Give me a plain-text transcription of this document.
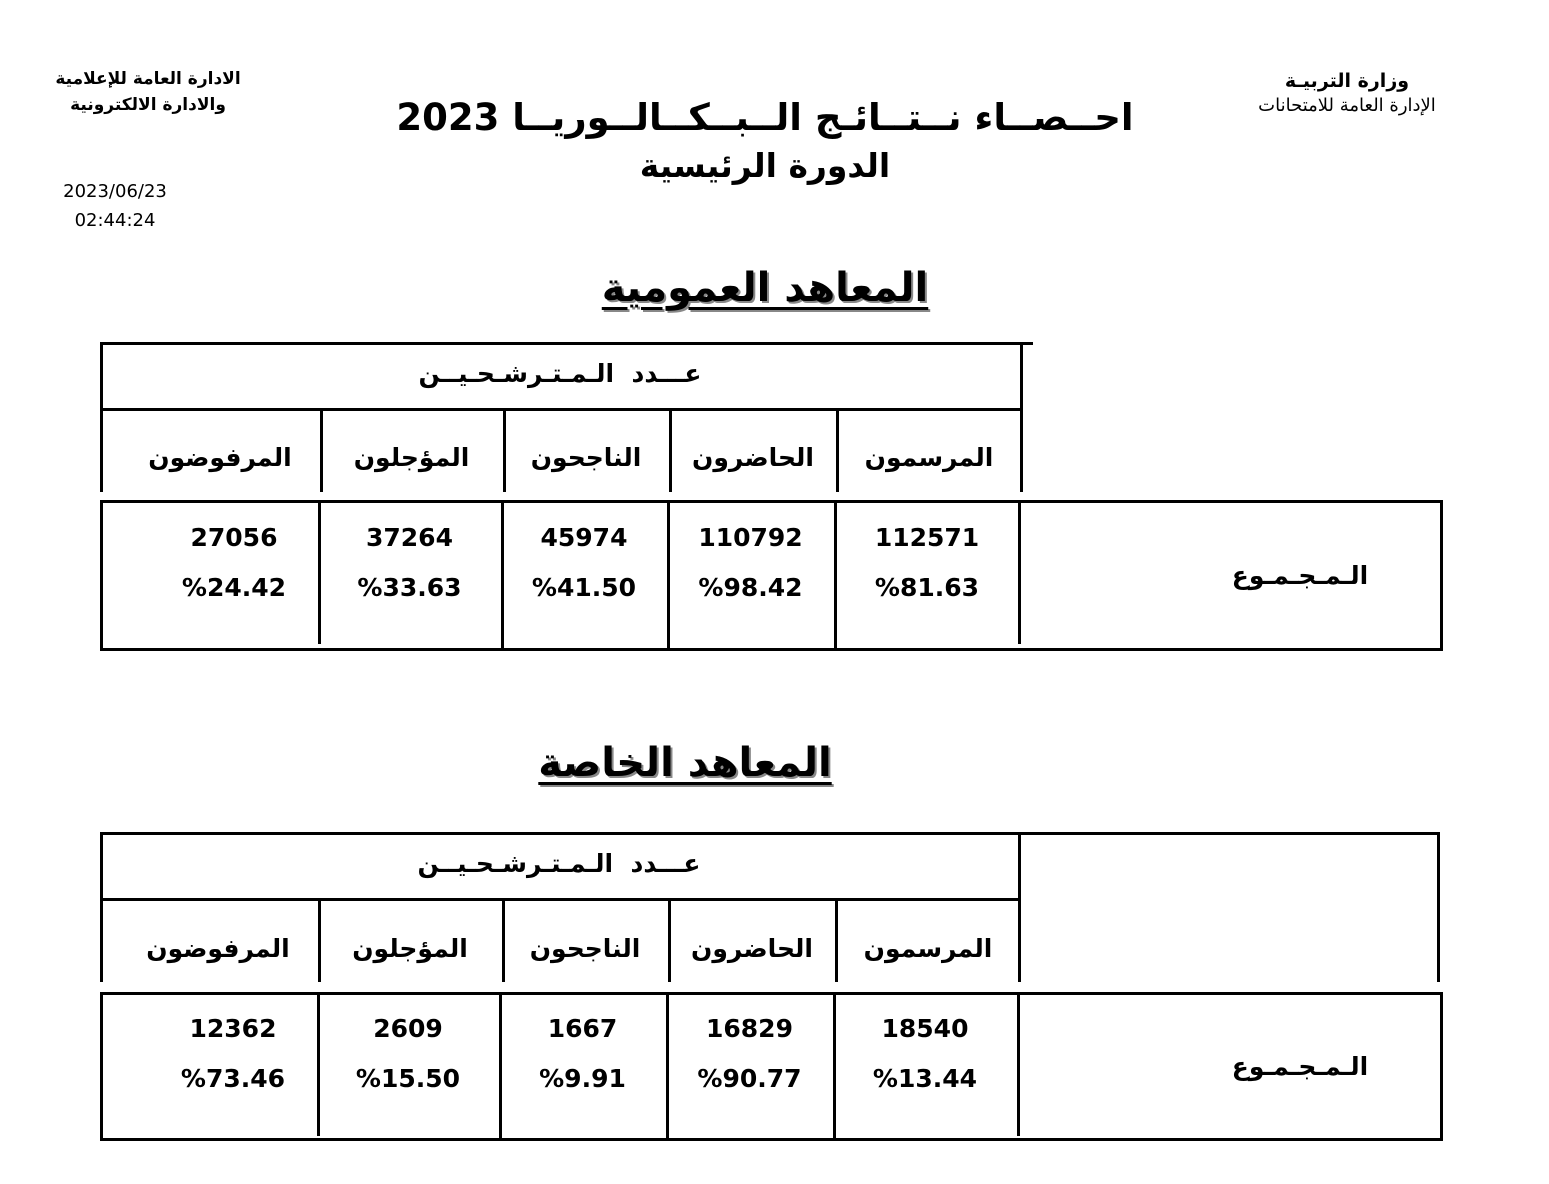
وزارة التربيـة
الإدارة العامة للامتحانات
الادارة العامة للإعلامية
والادارة الالكترونية
2023/06/23
02:44:24
احــصــاء نــتــائـج الــبــكــالــوريــا 2023
الدورة الرئيسية
المعاهد العمومية
عـــدد  الـمـتـرشـحـيــن
المرسمون
الحاضرون
الناجحون
المؤجلون
المرفوضون
الـمـجـمـوع
112571
110792
45974
37264
27056
%81.63
%98.42
%41.50
%33.63
%24.42
المعاهد الخاصة
عـــدد  الـمـتـرشـحـيــن
المرسمون
الحاضرون
الناجحون
المؤجلون
المرفوضون
الـمـجـمـوع
18540
16829
1667
2609
12362
%13.44
%90.77
%9.91
%15.50
%73.46
